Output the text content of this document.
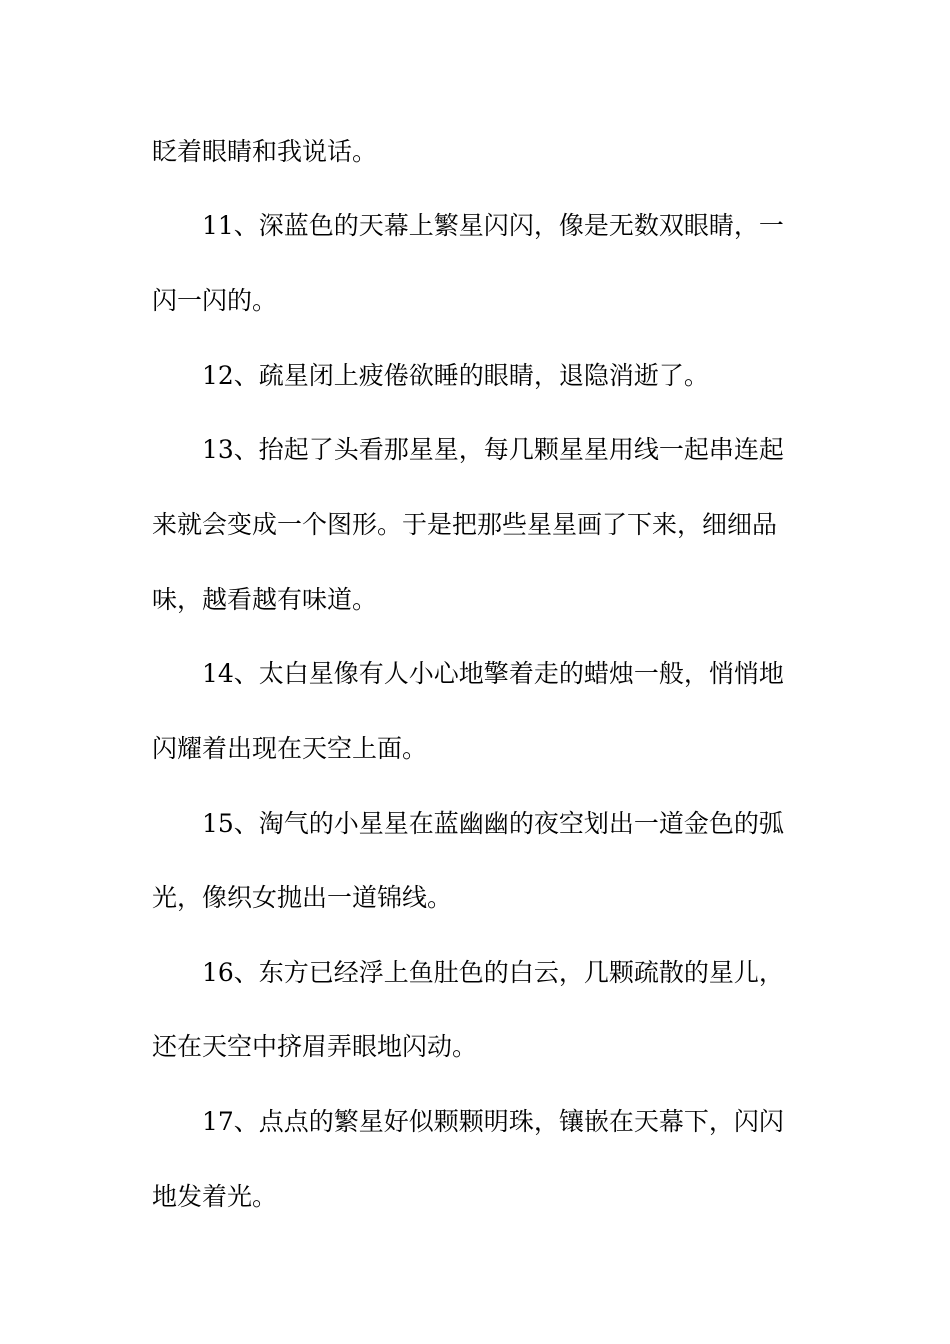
眨着眼睛和我说话。
11、深蓝色的天幕上繁星闪闪，像是无数双眼睛，一
闪一闪的。
12、疏星闭上疲倦欲睡的眼睛，退隐消逝了。
13、抬起了头看那星星，每几颗星星用线一起串连起
来就会变成一个图形。于是把那些星星画了下来，细细品
味，越看越有味道。
14、太白星像有人小心地擎着走的蜡烛一般，悄悄地
闪耀着出现在天空上面。
15、淘气的小星星在蓝幽幽的夜空划出一道金色的弧
光，像织女抛出一道锦线。
16、东方已经浮上鱼肚色的白云，几颗疏散的星儿，
还在天空中挤眉弄眼地闪动。
17、点点的繁星好似颗颗明珠，镶嵌在天幕下，闪闪
地发着光。
